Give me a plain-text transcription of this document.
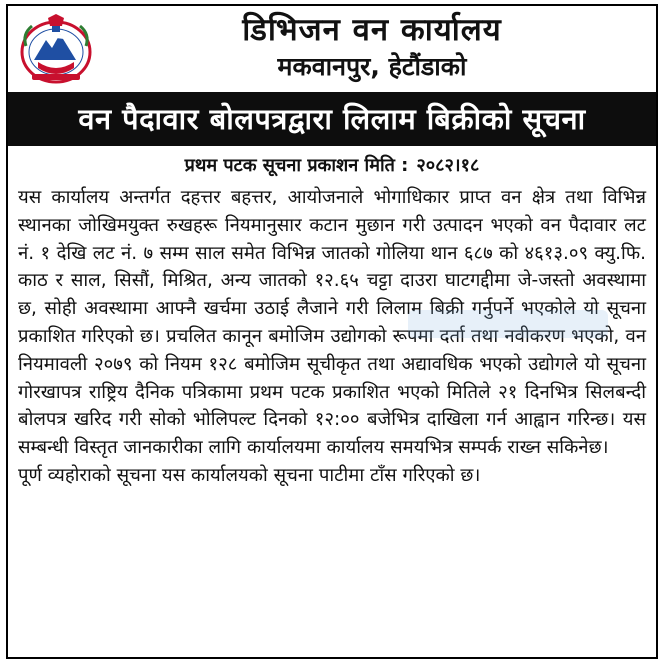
डिभिजन वन कार्यालय
मकवानपुर, हेटौंडाको
वन पैदावार बोलपत्रद्वारा लिलाम बिक्रीको सूचना
प्रथम पटक सूचना प्रकाशन मिति : २०८२।१८

यस कार्यालय अन्तर्गत दहत्तर बहत्तर, आयोजनाले भोगाधिकार प्राप्त वन क्षेत्र तथा विभिन्न स्थानका जोखिमयुक्त रुखहरू नियमानुसार कटान मुछान गरी उत्पादन भएको वन पैदावार लट नं. १ देखि लट नं. ७ सम्म साल समेत विभिन्न जातको गोलिया थान ६८७ को ४६१३.०९ क्यु.फि. काठ र साल, सिसौं, मिश्रित, अन्य जातको १२.६५ चट्टा दाउरा घाटगद्दीमा जे-जस्तो अवस्थामा छ, सोही अवस्थामा आफ्नै खर्चमा उठाई लैजाने गरी लिलाम बिक्री गर्नुपर्ने भएकोले यो सूचना प्रकाशित गरिएको छ। प्रचलित कानून बमोजिम उद्योगको रूपमा दर्ता तथा नवीकरण भएको, वन नियमावली २०७९ को नियम १२८ बमोजिम सूचीकृत तथा अद्यावधिक भएको उद्योगले यो सूचना गोरखापत्र राष्ट्रिय दैनिक पत्रिकामा प्रथम पटक प्रकाशित भएको मितिले २१ दिनभित्र सिलबन्दी बोलपत्र खरिद गरी सोको भोलिपल्ट दिनको १२:०० बजेभित्र दाखिला गर्न आह्वान गरिन्छ। यस सम्बन्धी विस्तृत जानकारीका लागि कार्यालयमा कार्यालय समयभित्र सम्पर्क राख्न सकिनेछ।

पूर्ण व्यहोराको सूचना यस कार्यालयको सूचना पाटीमा टाँस गरिएको छ।
